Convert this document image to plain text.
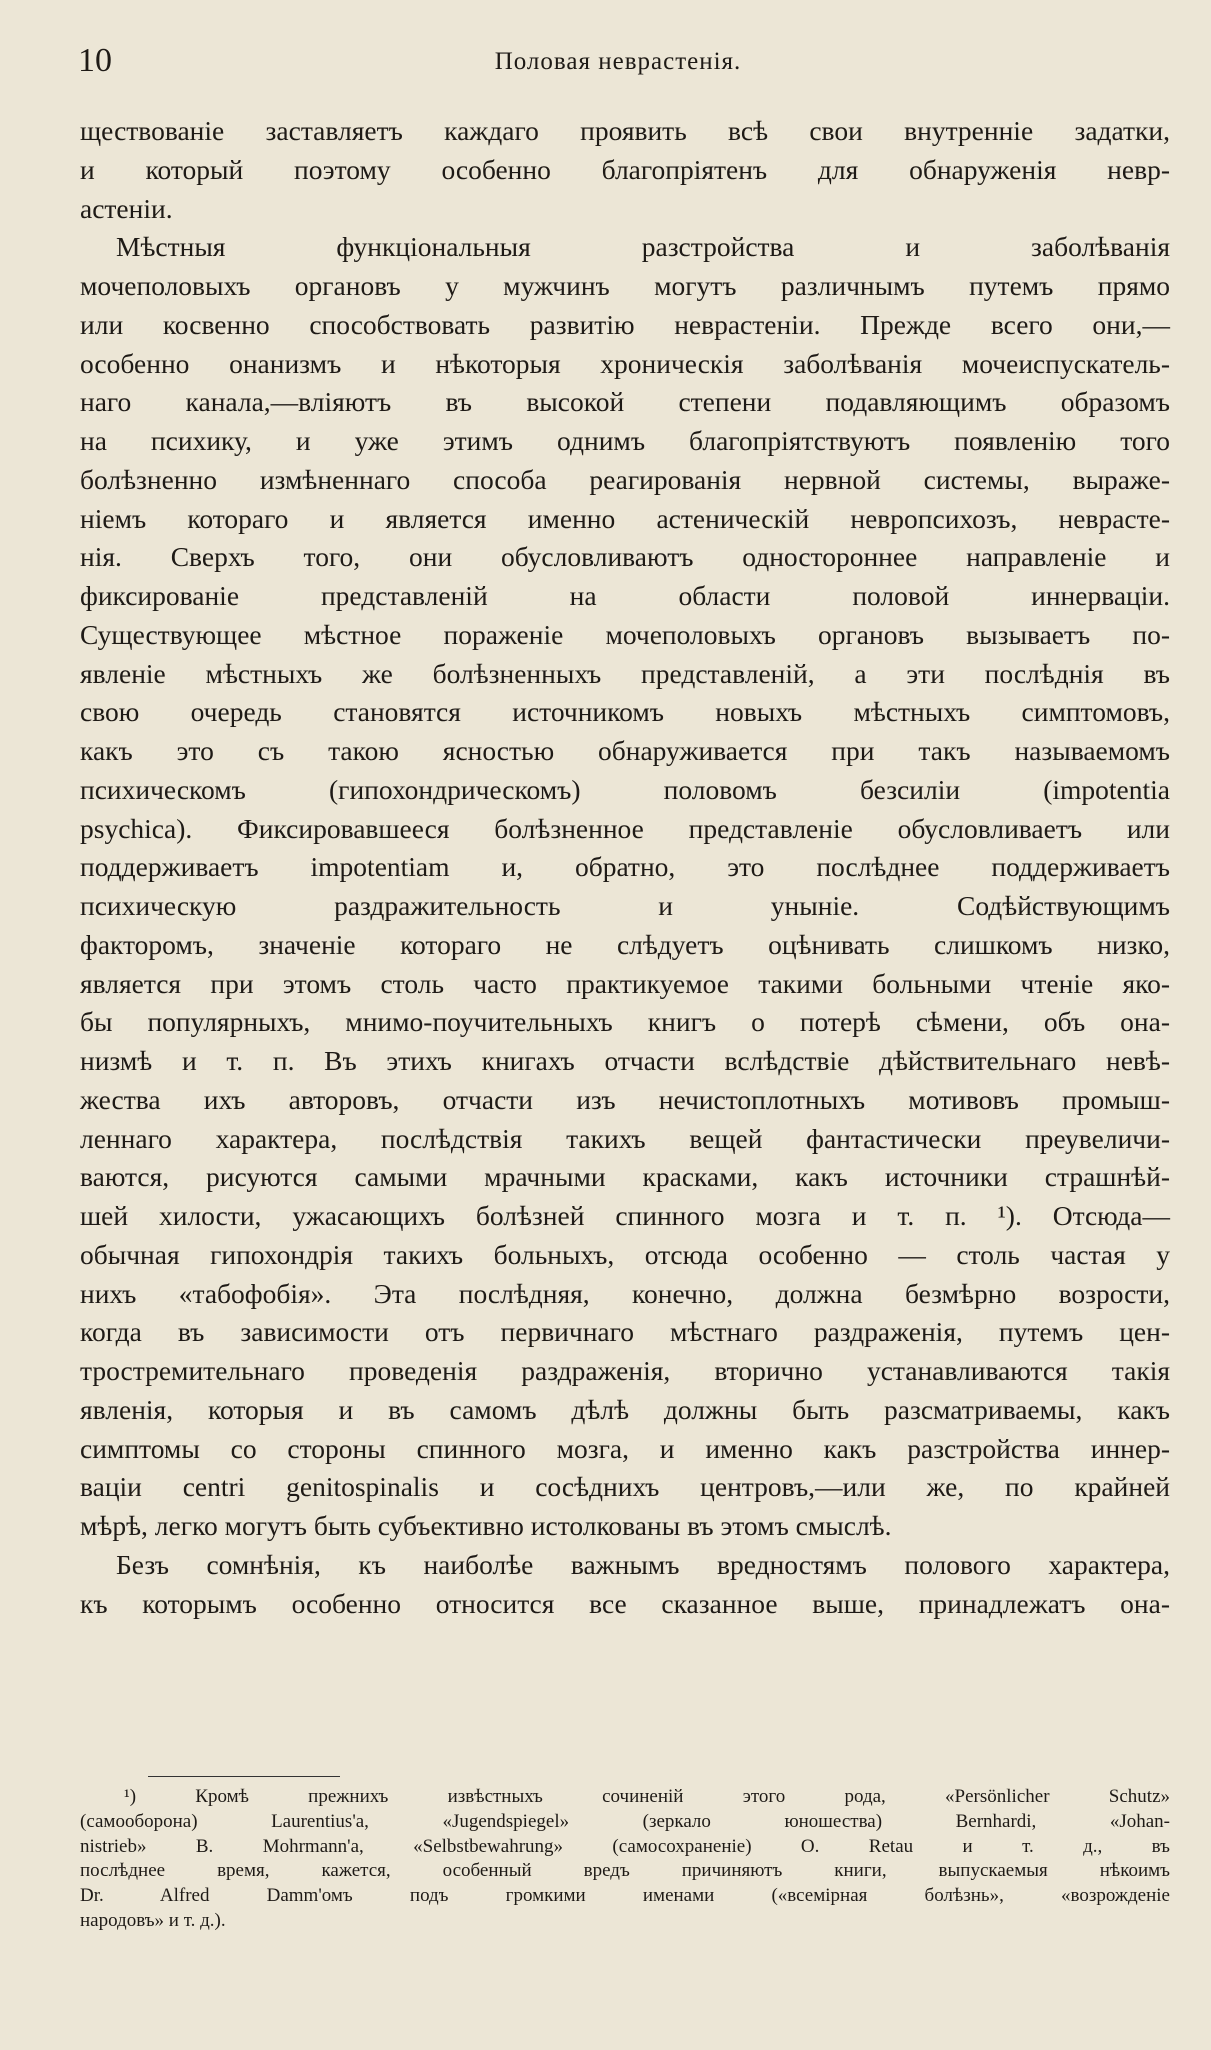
10	Половая неврастенія.
ществованіе заставляетъ каждаго проявить всѣ свои внутренніе задатки,
и который поэтому особенно благопріятенъ для обнаруженія невр-
астеніи.
Мѣстныя функціональныя разстройства и заболѣванія
мочеполовыхъ органовъ у мужчинъ могутъ различнымъ путемъ прямо
или косвенно способствовать развитію неврастеніи. Прежде всего они,—
особенно онанизмъ и нѣкоторыя хроническія заболѣванія мочеиспускатель-
наго канала,—вліяютъ въ высокой степени подавляющимъ образомъ
на психику, и уже этимъ однимъ благопріятствуютъ появленію того
болѣзненно измѣненнаго способа реагированія нервной системы, выраже-
ніемъ котораго и является именно астеническій невропсихозъ, неврасте-
нія. Сверхъ того, они обусловливаютъ одностороннее направленіе и
фиксированіе представленій на области половой иннерваціи.
Существующее мѣстное пораженіе мочеполовыхъ органовъ вызываетъ по-
явленіе мѣстныхъ же болѣзненныхъ представленій, а эти послѣднія въ
свою очередь становятся источникомъ новыхъ мѣстныхъ симптомовъ,
какъ это съ такою ясностью обнаруживается при такъ называемомъ
психическомъ (гипохондрическомъ) половомъ безсиліи (impotentia
psychica). Фиксировавшееся болѣзненное представленіе обусловливаетъ или
поддерживаетъ impotentiam и, обратно, это послѣднее поддерживаетъ
психическую раздражительность и уныніе. Содѣйствующимъ
факторомъ, значеніе котораго не слѣдуетъ оцѣнивать слишкомъ низко,
является при этомъ столь часто практикуемое такими больными чтеніе яко-
бы популярныхъ, мнимо-поучительныхъ книгъ о потерѣ сѣмени, объ она-
низмѣ и т. п. Въ этихъ книгахъ отчасти вслѣдствіе дѣйствительнаго невѣ-
жества ихъ авторовъ, отчасти изъ нечистоплотныхъ мотивовъ промыш-
леннаго характера, послѣдствія такихъ вещей фантастически преувеличи-
ваются, рисуются самыми мрачными красками, какъ источники страшнѣй-
шей хилости, ужасающихъ болѣзней спинного мозга и т. п. ¹). Отсюда—
обычная гипохондрія такихъ больныхъ, отсюда особенно — столь частая у
нихъ «табофобія». Эта послѣдняя, конечно, должна безмѣрно возрости,
когда въ зависимости отъ первичнаго мѣстнаго раздраженія, путемъ цен-
тростремительнаго проведенія раздраженія, вторично устанавливаются такія
явленія, которыя и въ самомъ дѣлѣ должны быть разсматриваемы, какъ
симптомы со стороны спинного мозга, и именно какъ разстройства иннер-
ваціи centri genitospinalis и сосѣднихъ центровъ,—или же, по крайней
мѣрѣ, легко могутъ быть субъективно истолкованы въ этомъ смыслѣ.
Безъ сомнѣнія, къ наиболѣе важнымъ вредностямъ полового характера,
къ которымъ особенно относится все сказанное выше, принадлежатъ она-
¹) Кромѣ прежнихъ извѣстныхъ сочиненій этого рода, «Persönlicher Schutz»
(самооборона) Laurentius'а, «Jugendspiegel» (зеркало юношества) Bernhardi, «Johan-
nistrieb» В. Mohrmann'а, «Selbstbewahrung» (самосохраненіе) O. Retau и т. д., въ
послѣднее время, кажется, особенный вредъ причиняютъ книги, выпускаемыя нѣкоимъ
Dr. Alfred Damm'омъ подъ громкими именами («всемірная болѣзнь», «возрожденіе
народовъ» и т. д.).
